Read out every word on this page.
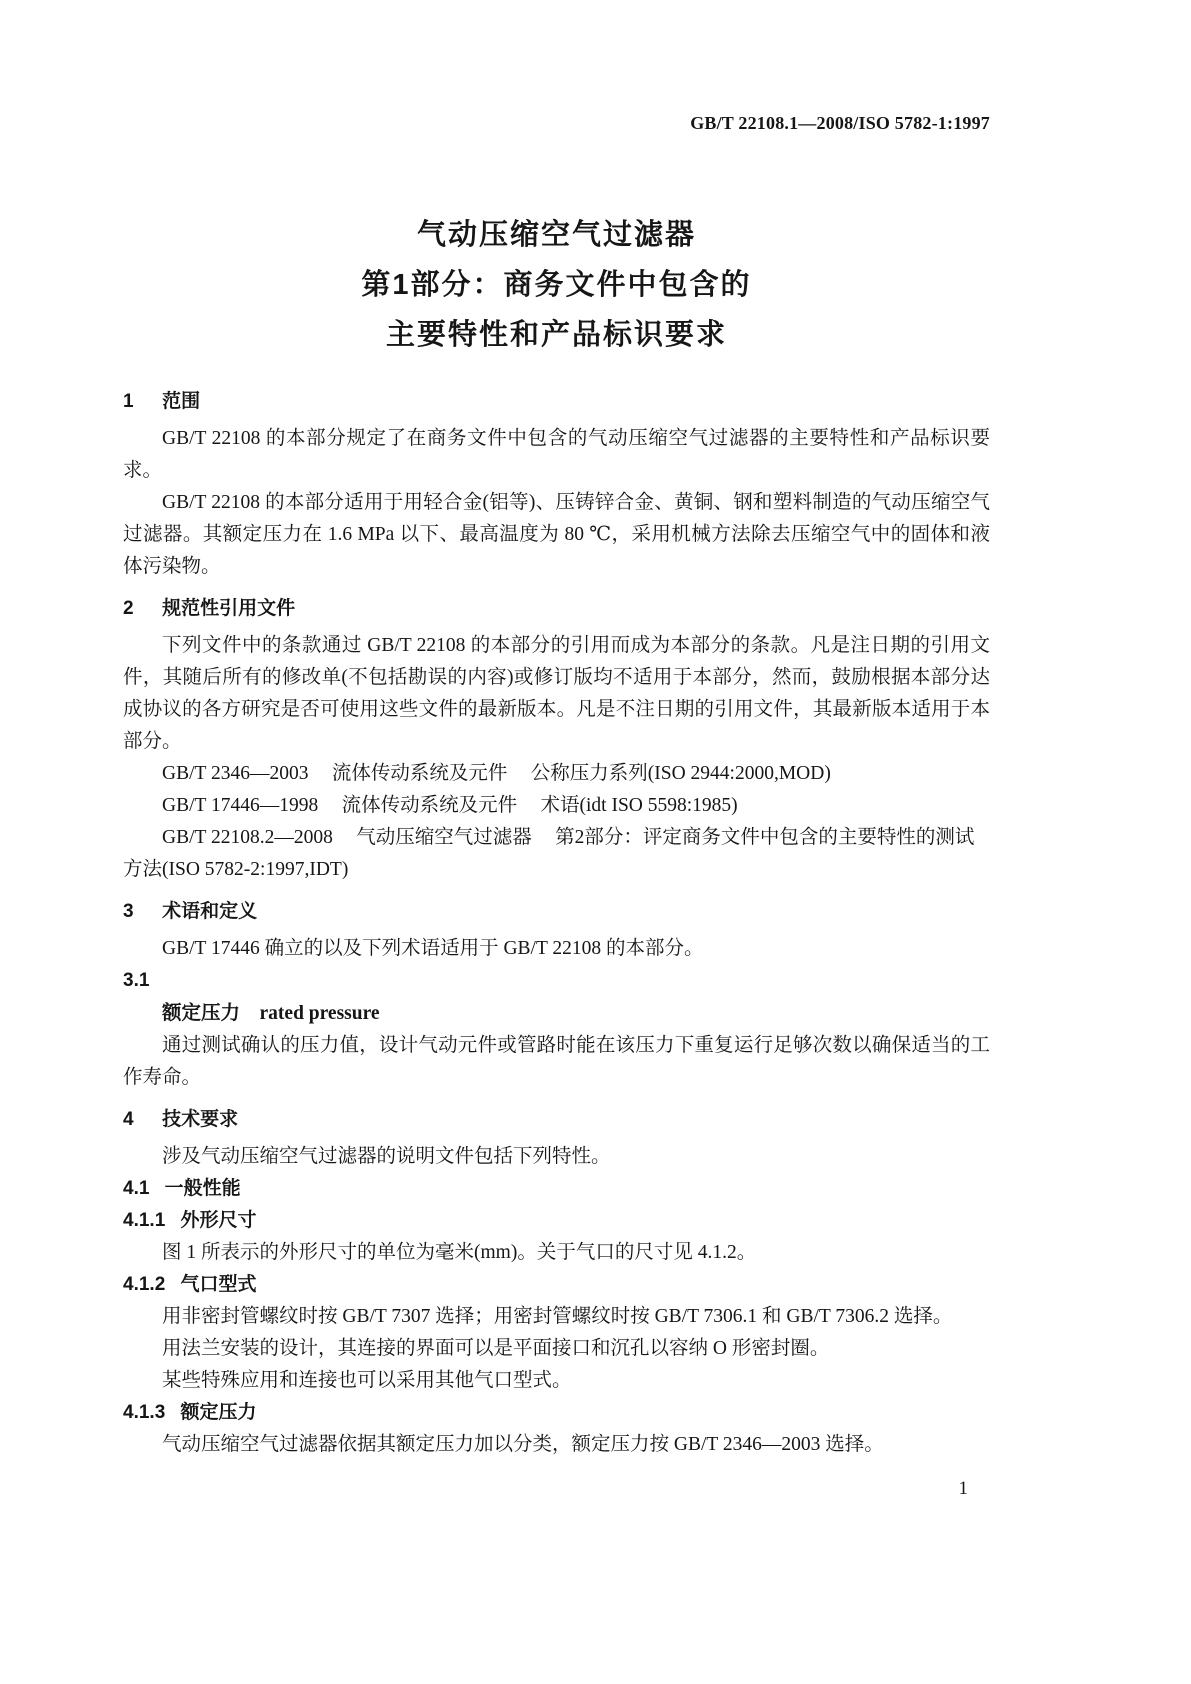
GB/T 22108.1—2008/ISO 5782-1:1997
气动压缩空气过滤器
第1部分：商务文件中包含的
主要特性和产品标识要求
1 范围

GB/T 22108 的本部分规定了在商务文件中包含的气动压缩空气过滤器的主要特性和产品标识要求。

GB/T 22108 的本部分适用于用轻合金(铝等)、压铸锌合金、黄铜、钢和塑料制造的气动压缩空气过滤器。其额定压力在 1.6 MPa 以下、最高温度为 80 ℃，采用机械方法除去压缩空气中的固体和液体污染物。

2 规范性引用文件

下列文件中的条款通过 GB/T 22108 的本部分的引用而成为本部分的条款。凡是注日期的引用文件，其随后所有的修改单(不包括勘误的内容)或修订版均不适用于本部分，然而，鼓励根据本部分达成协议的各方研究是否可使用这些文件的最新版本。凡是不注日期的引用文件，其最新版本适用于本部分。

GB/T 2346—2003 流体传动系统及元件 公称压力系列(ISO 2944:2000,MOD)

GB/T 17446—1998 流体传动系统及元件 术语(idt ISO 5598:1985)

GB/T 22108.2—2008 气动压缩空气过滤器 第2部分：评定商务文件中包含的主要特性的测试方法(ISO 5782-2:1997,IDT)

3 术语和定义

GB/T 17446 确立的以及下列术语适用于 GB/T 22108 的本部分。

3.1

额定压力 rated pressure

通过测试确认的压力值，设计气动元件或管路时能在该压力下重复运行足够次数以确保适当的工作寿命。

4 技术要求

涉及气动压缩空气过滤器的说明文件包括下列特性。

4.1 一般性能
4.1.1 外形尺寸

图 1 所表示的外形尺寸的单位为毫米(mm)。关于气口的尺寸见 4.1.2。

4.1.2 气口型式

用非密封管螺纹时按 GB/T 7307 选择；用密封管螺纹时按 GB/T 7306.1 和 GB/T 7306.2 选择。

用法兰安装的设计，其连接的界面可以是平面接口和沉孔以容纳 O 形密封圈。

某些特殊应用和连接也可以采用其他气口型式。

4.1.3 额定压力

气动压缩空气过滤器依据其额定压力加以分类，额定压力按 GB/T 2346—2003 选择。

1
